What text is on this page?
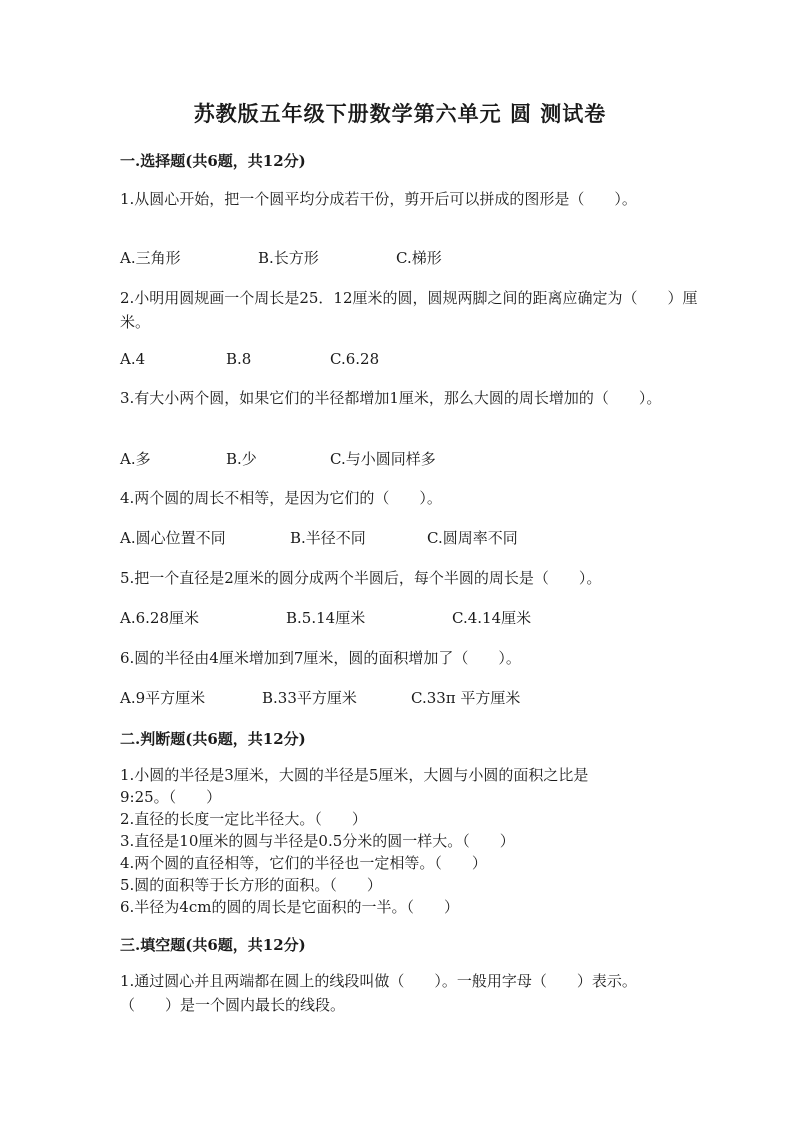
苏教版五年级下册数学第六单元 圆 测试卷
一.选择题(共6题，共12分)
1.从圆心开始，把一个圆平均分成若干份，剪开后可以拼成的图形是（　　）。
A.三角形	B.长方形	C.梯形
2.小明用圆规画一个周长是25．12厘米的圆，圆规两脚之间的距离应确定为（　　）厘米。
A.4	B.8	C.6.28
3.有大小两个圆，如果它们的半径都增加1厘米，那么大圆的周长增加的（　　）。
A.多	B.少	C.与小圆同样多
4.两个圆的周长不相等，是因为它们的（　　）。
A.圆心位置不同	B.半径不同	C.圆周率不同
5.把一个直径是2厘米的圆分成两个半圆后，每个半圆的周长是（　　）。
A.6.28厘米	B.5.14厘米	C.4.14厘米
6.圆的半径由4厘米增加到7厘米，圆的面积增加了（　　）。
A.9平方厘米	B.33平方厘米	C.33π 平方厘米
二.判断题(共6题，共12分)
1.小圆的半径是3厘米，大圆的半径是5厘米，大圆与小圆的面积之比是
9:25。（　　）
2.直径的长度一定比半径大。（　　）
3.直径是10厘米的圆与半径是0.5分米的圆一样大。（　　）
4.两个圆的直径相等，它们的半径也一定相等。（　　）
5.圆的面积等于长方形的面积。（　　）
6.半径为4cm的圆的周长是它面积的一半。（　　）
三.填空题(共6题，共12分)
1.通过圆心并且两端都在圆上的线段叫做（　　）。一般用字母（　　）表示。
（　　）是一个圆内最长的线段。
